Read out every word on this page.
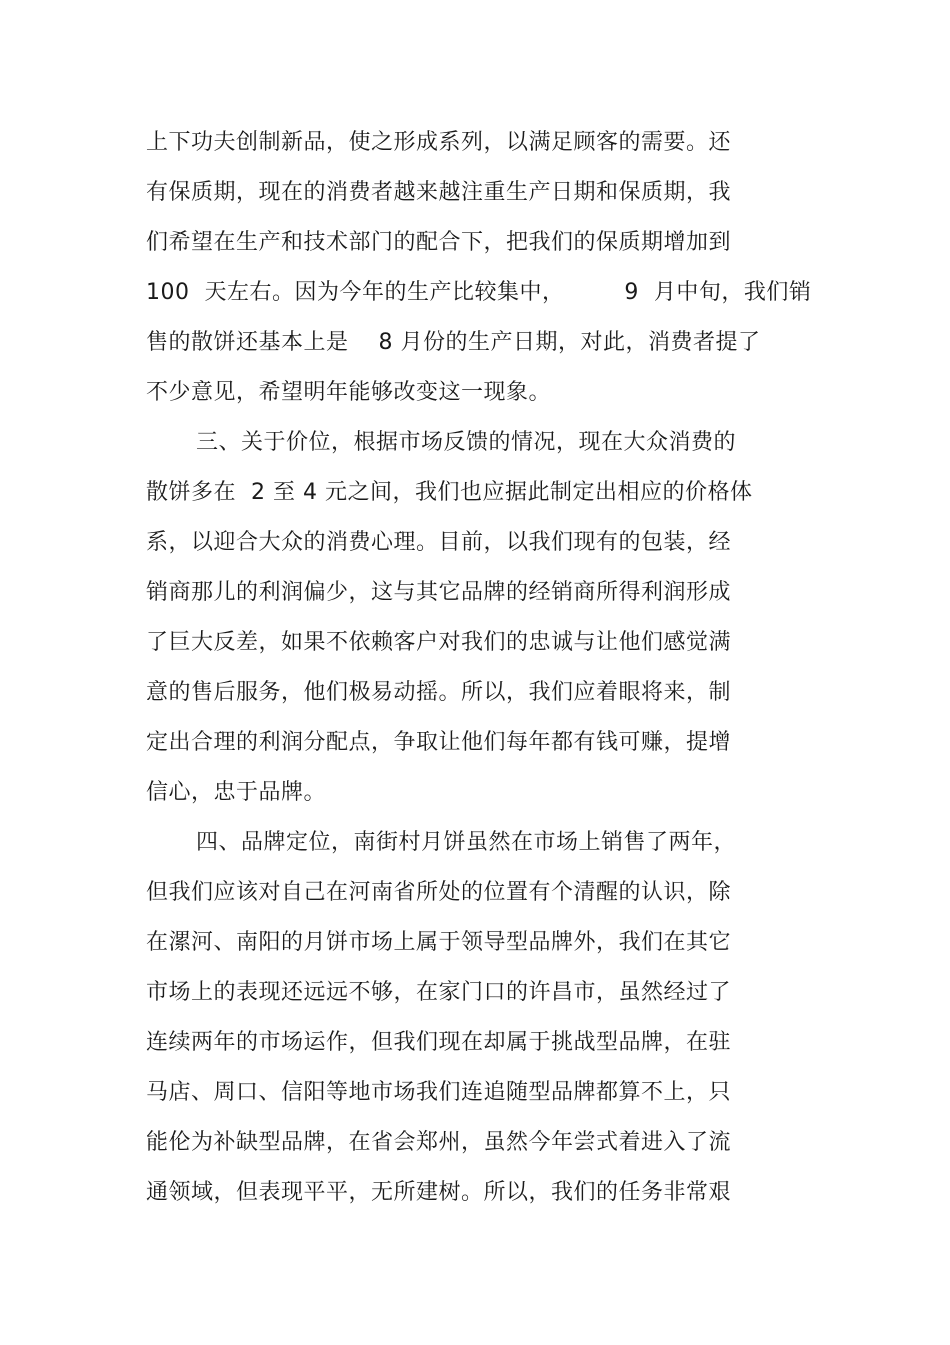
上下功夫创制新品，使之形成系列，以满足顾客的需要。还
有保质期，现在的消费者越来越注重生产日期和保质期，我
们希望在生产和技术部门的配合下，把我们的保质期增加到
100  天左右。因为今年的生产比较集中，        9  月中旬，我们销
售的散饼还基本上是    8 月份的生产日期，对此，消费者提了
不少意见，希望明年能够改变这一现象。
三、关于价位，根据市场反馈的情况，现在大众消费的
散饼多在  2 至 4 元之间，我们也应据此制定出相应的价格体
系，以迎合大众的消费心理。目前，以我们现有的包装，经
销商那儿的利润偏少，这与其它品牌的经销商所得利润形成
了巨大反差，如果不依赖客户对我们的忠诚与让他们感觉满
意的售后服务，他们极易动摇。所以，我们应着眼将来，制
定出合理的利润分配点，争取让他们每年都有钱可赚，提增
信心，忠于品牌。
四、品牌定位，南街村月饼虽然在市场上销售了两年，
但我们应该对自己在河南省所处的位置有个清醒的认识，除
在漯河、南阳的月饼市场上属于领导型品牌外，我们在其它
市场上的表现还远远不够，在家门口的许昌市，虽然经过了
连续两年的市场运作，但我们现在却属于挑战型品牌，在驻
马店、周口、信阳等地市场我们连追随型品牌都算不上，只
能伦为补缺型品牌，在省会郑州，虽然今年尝式着进入了流
通领域，但表现平平，无所建树。所以，我们的任务非常艰
